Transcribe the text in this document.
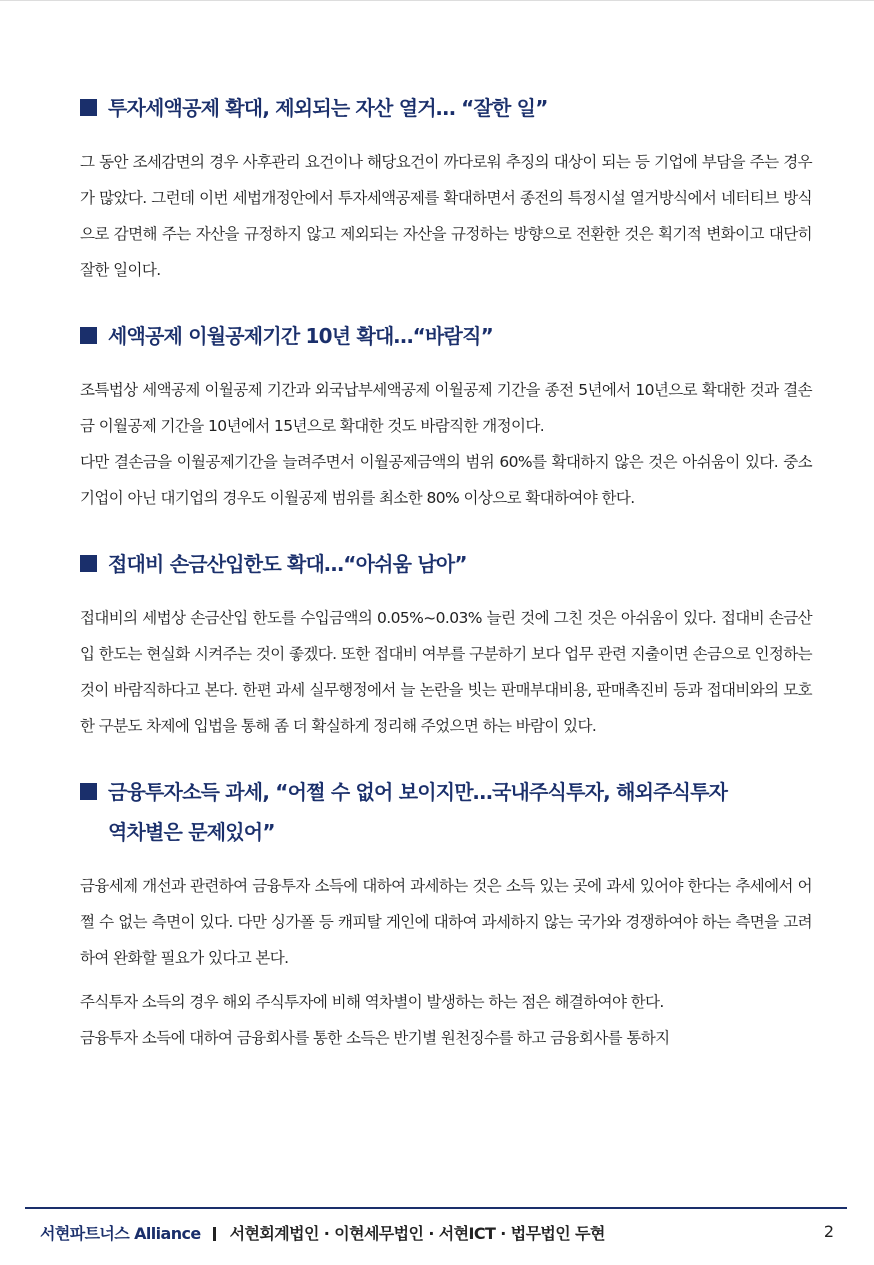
투자세액공제 확대, 제외되는 자산 열거… “잘한 일”

그 동안 조세감면의 경우 사후관리 요건이나 해당요건이 까다로워 추징의 대상이 되는 등 기업에 부담을 주는 경우가 많았다. 그런데 이번 세법개정안에서 투자세액공제를 확대하면서 종전의 특정시설 열거방식에서 네터티브 방식으로 감면해 주는 자산을 규정하지 않고 제외되는 자산을 규정하는 방향으로 전환한 것은 획기적 변화이고 대단히 잘한 일이다.

세액공제 이월공제기간 10년 확대…“바람직”

조특법상 세액공제 이월공제 기간과 외국납부세액공제 이월공제 기간을 종전 5년에서 10년으로 확대한 것과 결손금 이월공제 기간을 10년에서 15년으로 확대한 것도 바람직한 개정이다.

다만 결손금을 이월공제기간을 늘려주면서 이월공제금액의 범위 60%를 확대하지 않은 것은 아쉬움이 있다. 중소기업이 아닌 대기업의 경우도 이월공제 범위를 최소한 80% 이상으로 확대하여야 한다.

접대비 손금산입한도 확대…“아쉬움 남아”

접대비의 세법상 손금산입 한도를 수입금액의 0.05%~0.03% 늘린 것에 그친 것은 아쉬움이 있다. 접대비 손금산입 한도는 현실화 시켜주는 것이 좋겠다. 또한 접대비 여부를 구분하기 보다 업무 관련 지출이면 손금으로 인정하는 것이 바람직하다고 본다. 한편 과세 실무행정에서 늘 논란을 빗는 판매부대비용, 판매촉진비 등과 접대비와의 모호한 구분도 차제에 입법을 통해 좀 더 확실하게 정리해 주었으면 하는 바람이 있다.

금융투자소득 과세, “어쩔 수 없어 보이지만…국내주식투자, 해외주식투자
역차별은 문제있어”

금융세제 개선과 관련하여 금융투자 소득에 대하여 과세하는 것은 소득 있는 곳에 과세 있어야 한다는 추세에서 어쩔 수 없는 측면이 있다. 다만 싱가폴 등 캐피탈 게인에 대하여 과세하지 않는 국가와 경쟁하여야 하는 측면을 고려하여 완화할 필요가 있다고 본다.

주식투자 소득의 경우 해외 주식투자에 비해 역차별이 발생하는 하는 점은 해결하여야 한다.

금융투자 소득에 대하여 금융회사를 통한 소득은 반기별 원천징수를 하고 금융회사를 통하지

서현파트너스 Alliance 서현회계법인 · 이현세무법인 · 서현ICT · 법무법인 두현	2
